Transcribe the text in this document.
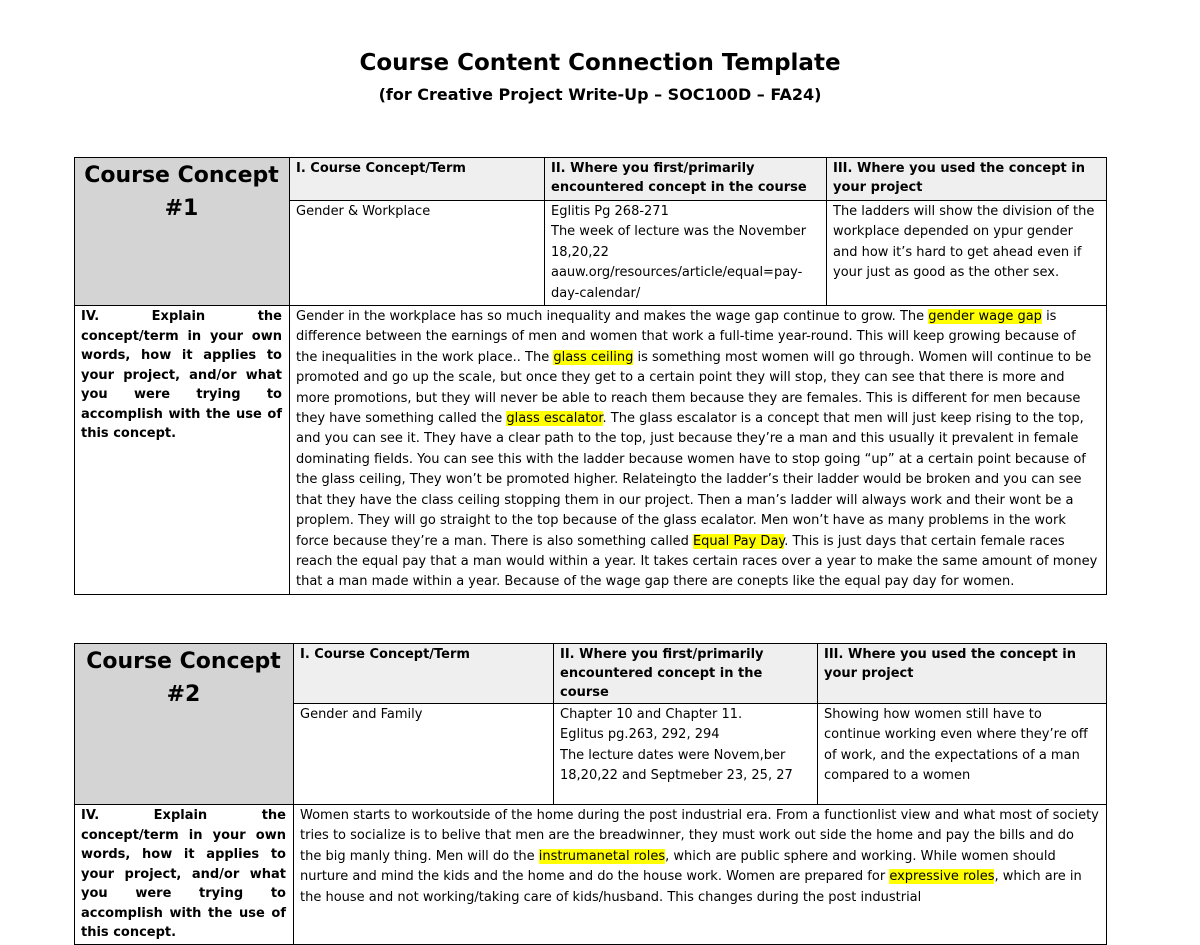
Course Content Connection Template
(for Creative Project Write-Up – SOC100D – FA24)
Course Concept #1	I. Course Concept/Term	II. Where you first/primarily encountered concept in the course	III. Where you used the concept in your project
	Gender & Workplace	Eglitis Pg 268-271
The week of lecture was the November 18,20,22
aauw.org/resources/article/equal=pay-day-calendar/	The ladders will show the division of the workplace depended on ypur gender and how it’s hard to get ahead even if your just as good as the other sex.
IV. Explain the concept/term in your own words, how it applies to your project, and/or what you were trying to accomplish with the use of this concept.	Gender in the workplace has so much inequality and makes the wage gap continue to grow. The gender wage gap is difference between the earnings of men and women that work a full-time year-round. This will keep growing because of the inequalities in the work place.. The glass ceiling is something most women will go through. Women will continue to be promoted and go up the scale, but once they get to a certain point they will stop, they can see that there is more and more promotions, but they will never be able to reach them because they are females. This is different for men because they have something called the glass escalator. The glass escalator is a concept that men will just keep rising to the top, and you can see it. They have a clear path to the top, just because they’re a man and this usually it prevalent in female dominating fields. You can see this with the ladder because women have to stop going “up” at a certain point because of the glass ceiling, They won’t be promoted higher. Relateingto the ladder’s their ladder would be broken and you can see that they have the class ceiling stopping them in our project. Then a man’s ladder will always work and their wont be a proplem. They will go straight to the top because of the glass ecalator. Men won’t have as many problems in the work force because they’re a man. There is also something called Equal Pay Day. This is just days that certain female races reach the equal pay that a man would within a year. It takes certain races over a year to make the same amount of money that a man made within a year. Because of the wage gap there are conepts like the equal pay day for women.		
Course Concept #2	I. Course Concept/Term	II. Where you first/primarily encountered concept in the course	III. Where you used the concept in your project
	Gender and Family	Chapter 10 and Chapter 11.
Eglitus pg.263, 292, 294
The lecture dates were Novem,ber 18,20,22 and Septmeber 23, 25, 27	Showing how women still have to continue working even where they’re off of work, and the expectations of a man compared to a women
IV. Explain the concept/term in your own words, how it applies to your project, and/or what you were trying to accomplish with the use of this concept.	Women starts to workoutside of the home during the post industrial era. From a functionlist view and what most of society tries to socialize is to belive that men are the breadwinner, they must work out side the home and pay the bills and do the big manly thing. Men will do the instrumanetal roles, which are public sphere and working. While women should nurture and mind the kids and the home and do the house work. Women are prepared for expressive roles, which are in the house and not working/taking care of kids/husband. This changes during the post industrial		
